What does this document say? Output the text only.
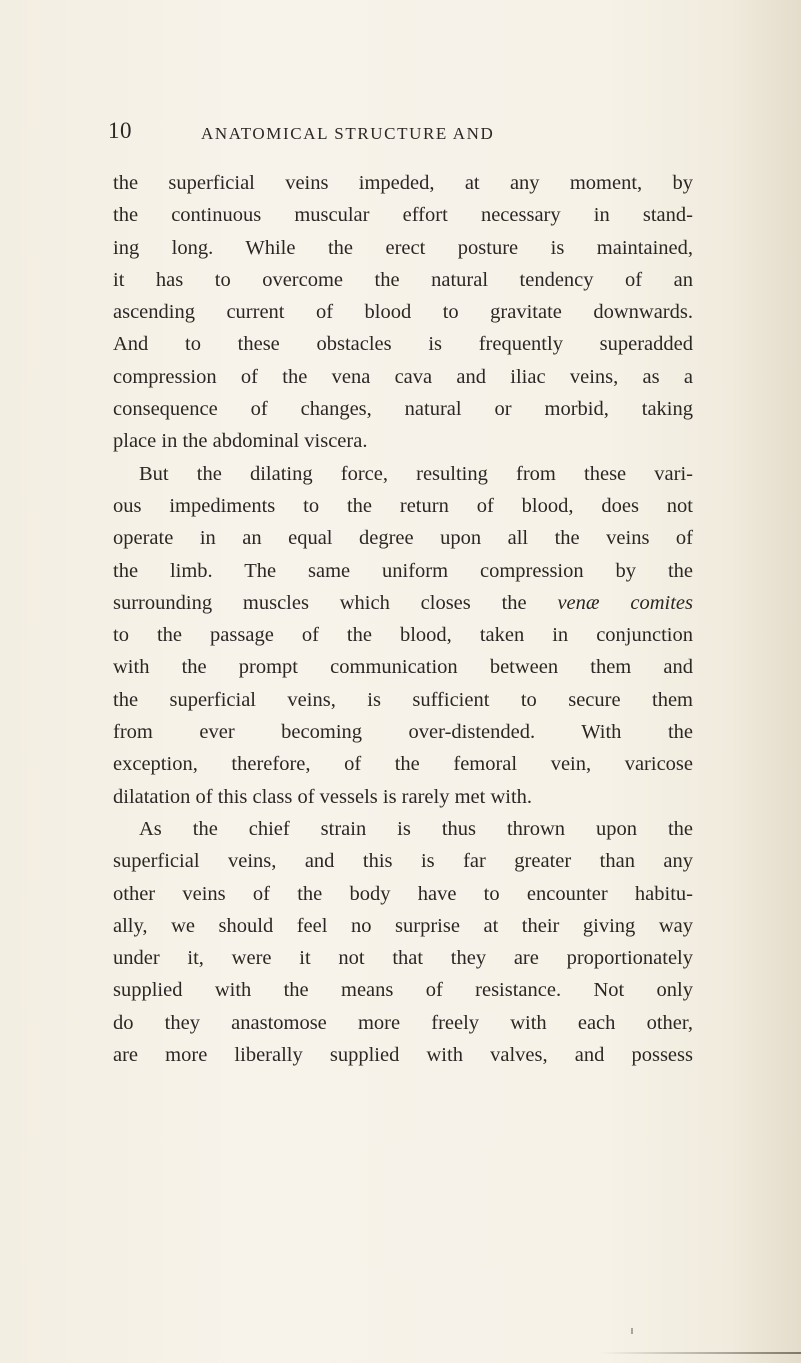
10	ANATOMICAL STRUCTURE AND
the superficial veins impeded, at any moment, by
the continuous muscular effort necessary in stand-
ing long. While the erect posture is maintained,
it has to overcome the natural tendency of an
ascending current of blood to gravitate downwards.
And to these obstacles is frequently superadded
compression of the vena cava and iliac veins, as a
consequence of changes, natural or morbid, taking
place in the abdominal viscera.
But the dilating force, resulting from these vari-
ous impediments to the return of blood, does not
operate in an equal degree upon all the veins of
the limb. The same uniform compression by the
surrounding muscles which closes the venæ comites
to the passage of the blood, taken in conjunction
with the prompt communication between them and
the superficial veins, is sufficient to secure them
from ever becoming over-distended. With the
exception, therefore, of the femoral vein, varicose
dilatation of this class of vessels is rarely met with.
As the chief strain is thus thrown upon the
superficial veins, and this is far greater than any
other veins of the body have to encounter habitu-
ally, we should feel no surprise at their giving way
under it, were it not that they are proportionately
supplied with the means of resistance. Not only
do they anastomose more freely with each other,
are more liberally supplied with valves, and possess
